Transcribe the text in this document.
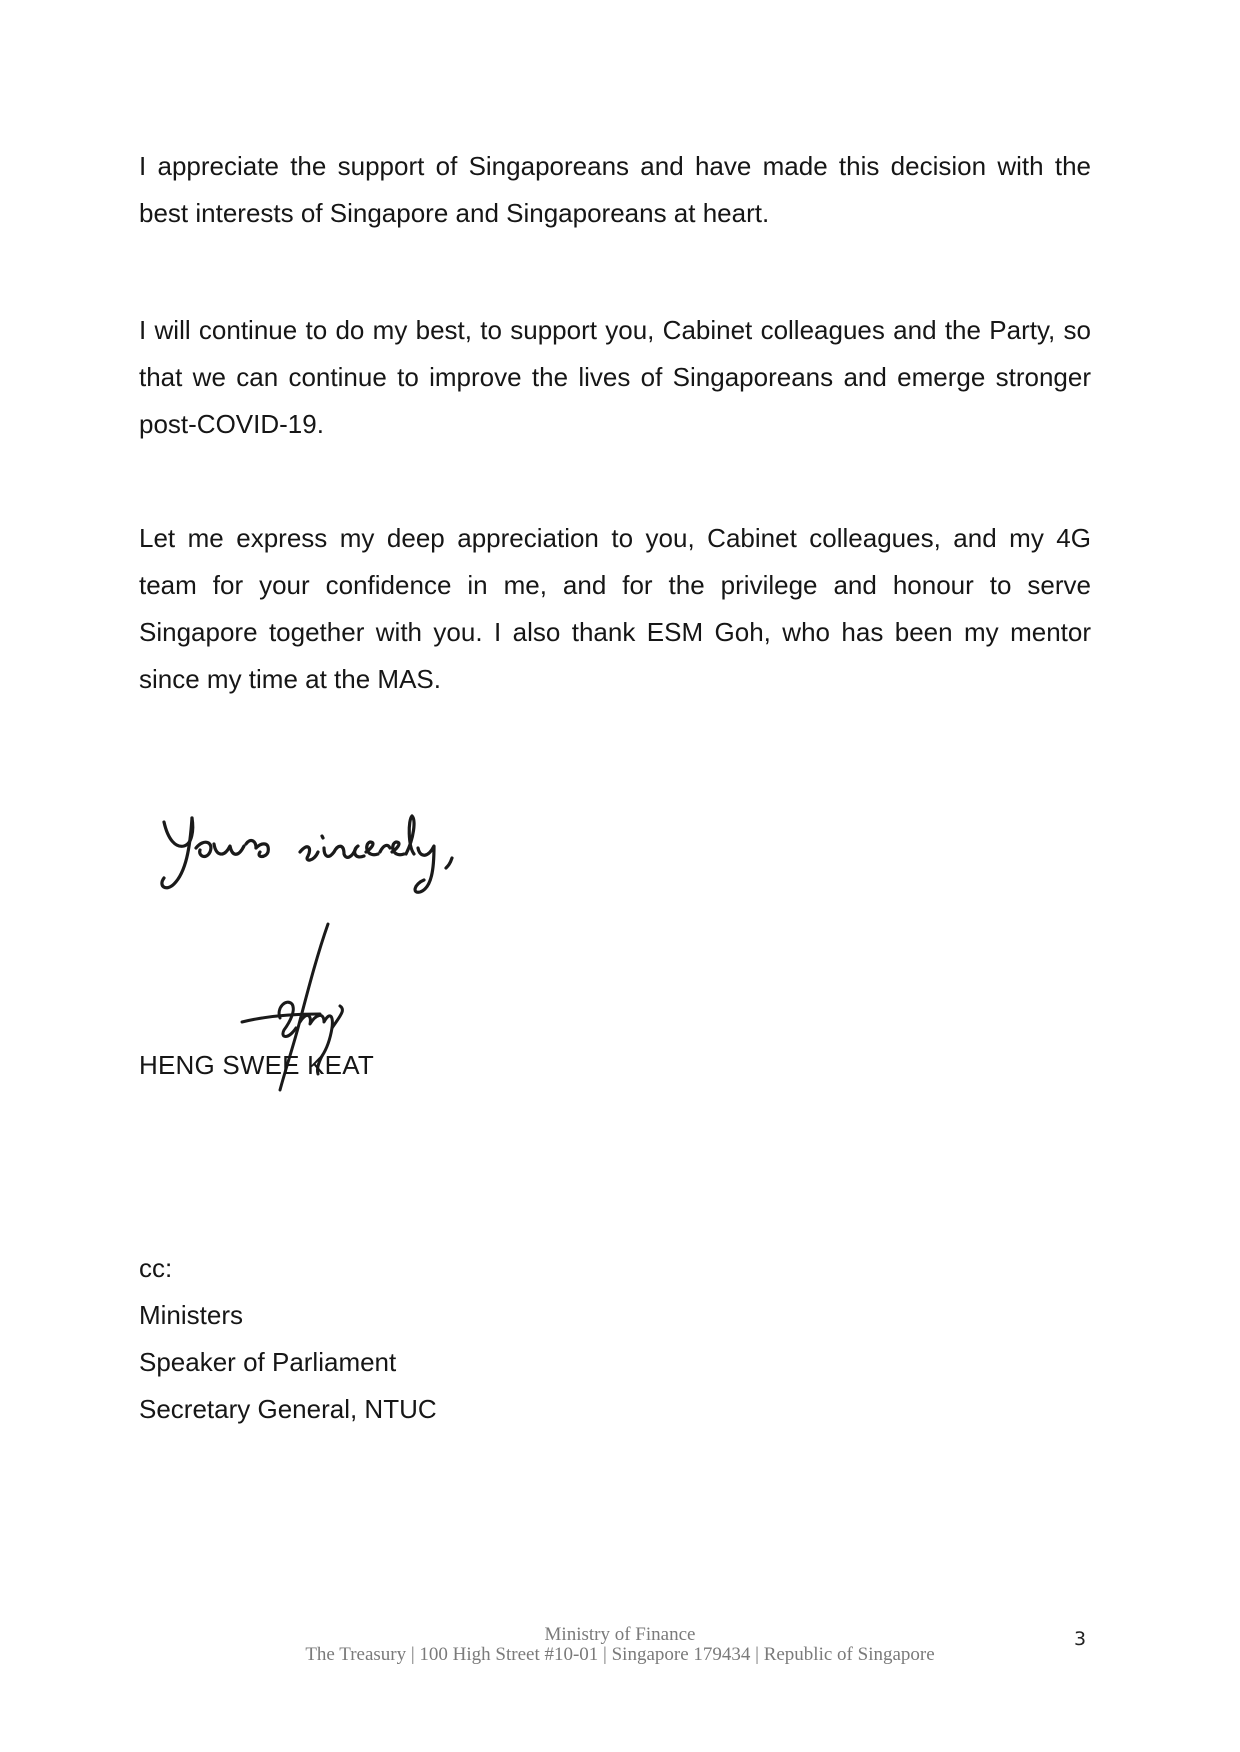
I appreciate the support of Singaporeans and have made this decision with the best interests of Singapore and Singaporeans at heart.

I will continue to do my best, to support you, Cabinet colleagues and the Party, so that we can continue to improve the lives of Singaporeans and emerge stronger post-COVID-19.

Let me express my deep appreciation to you, Cabinet colleagues, and my 4G team for your confidence in me, and for the privilege and honour to serve Singapore together with you. I also thank ESM Goh, who has been my mentor since my time at the MAS.

HENG SWEE KEAT
cc:
Ministers
Speaker of Parliament
Secretary General, NTUC
Ministry of Finance
The Treasury | 100 High Street #10-01 | Singapore 179434 | Republic of Singapore
3
